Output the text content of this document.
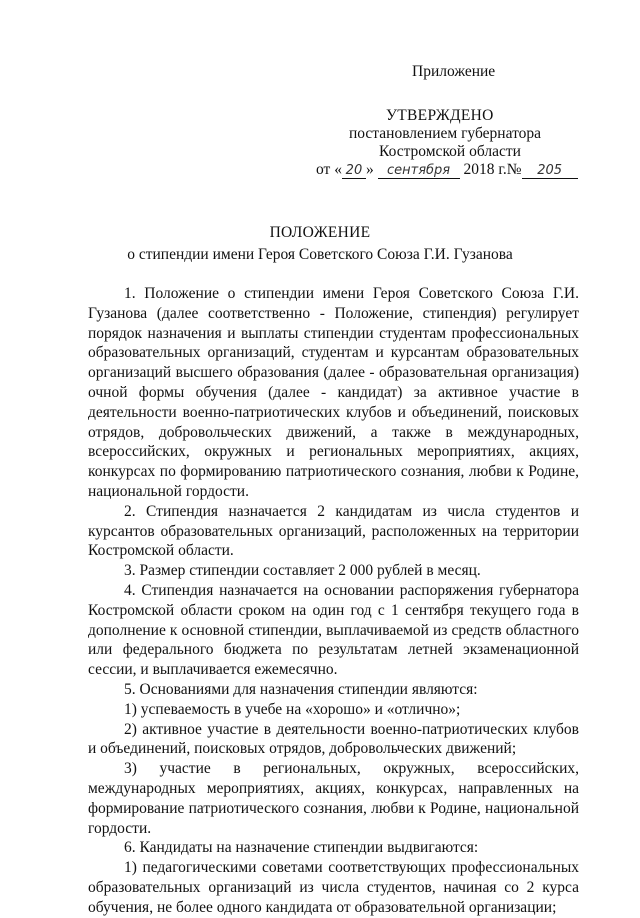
Приложение
УТВЕРЖДЕНО
постановлением губернатора
Костромской области
от « 20 » сентября 2018 г.№ 205
ПОЛОЖЕНИЕ
о стипендии имени Героя Советского Союза Г.И. Гузанова

1. Положение о стипендии имени Героя Советского Союза Г.И. Гузанова (далее соответственно - Положение, стипендия) регулирует порядок назначения и выплаты стипендии студентам профессиональных образовательных организаций, студентам и курсантам образовательных организаций высшего образования (далее - образовательная организация) очной формы обучения (далее - кандидат) за активное участие в деятельности военно-патриотических клубов и объединений, поисковых отрядов, добровольческих движений, а также в международных, всероссийских, окружных и региональных мероприятиях, акциях, конкурсах по формированию патриотического сознания, любви к Родине, национальной гордости.

2. Стипендия назначается 2 кандидатам из числа студентов и курсантов образовательных организаций, расположенных на территории Костромской области.

3. Размер стипендии составляет 2 000 рублей в месяц.

4. Стипендия назначается на основании распоряжения губернатора Костромской области сроком на один год с 1 сентября текущего года в дополнение к основной стипендии, выплачиваемой из средств областного или федерального бюджета по результатам летней экзаменационной сессии, и выплачивается ежемесячно.

5. Основаниями для назначения стипендии являются:

1) успеваемость в учебе на «хорошо» и «отлично»;

2) активное участие в деятельности военно-патриотических клубов и объединений, поисковых отрядов, добровольческих движений;

3) участие в региональных, окружных, всероссийских, международных мероприятиях, акциях, конкурсах, направленных на формирование патриотического сознания, любви к Родине, национальной гордости.

6. Кандидаты на назначение стипендии выдвигаются:

1) педагогическими советами соответствующих профессиональных образовательных организаций из числа студентов, начиная со 2 курса обучения, не более одного кандидата от образовательной организации;
